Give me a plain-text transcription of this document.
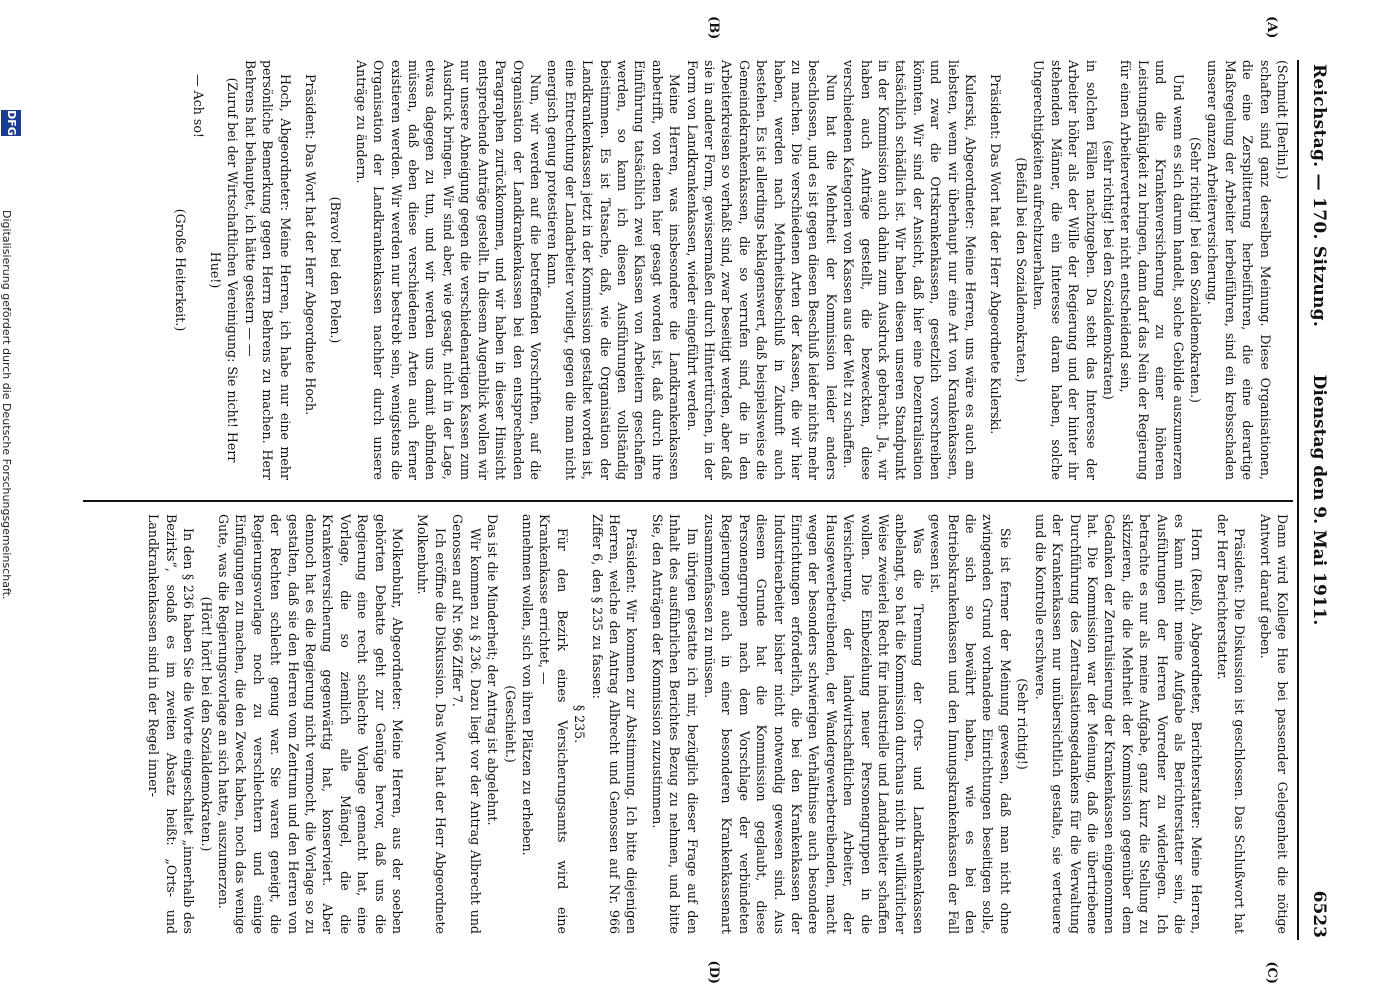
Reichstag. — 170. Sitzung.
Dienstag den 9. Mai 1911.
6523
(A)
(B)
(C)
(D)

(Schmidt [Berlin].)

schaften sind ganz derselben Meinung. Diese Organisationen, die eine Zersplitterung herbeiführen, die eine derartige Maßregelung der Arbeiter herbeiführen, sind ein krebsschaden unserer ganzen Arbeiterversicherung.

(Sehr richtig! bei den Sozialdemokraten.)

Und wenn es sich darum handelt, solche Gebilde auszumerzen und die Krankenversicherung zu einer höheren Leistungsfähigkeit zu bringen, dann darf das Nein der Regierung für einen Arbeitervertreter nicht entscheidend sein,

(sehr richtig! bei den Sozialdemokraten)

in solchen Fällen nachzugeben. Da steht das Interesse der Arbeiter höher als der Wille der Regierung und der hinter ihr stehenden Männer, die ein Interesse daran haben, solche Ungerechtigkeiten aufrechtzuerhalten.

(Beifall bei den Sozialdemokraten.)

Präsident: Das Wort hat der Herr Abgeordnete Kulerski.

Kulerski, Abgeordneter: Meine Herren, uns wäre es auch am liebsten, wenn wir überhaupt nur eine Art von Krankenkassen, und zwar die Ortskrankenkassen, gesetzlich vorschreiben könnten. Wir sind der Ansicht, daß hier eine Dezentralisation tatsächlich schädlich ist. Wir haben diesen unseren Standpunkt in der Kommission auch dahin zum Ausdruck gebracht. Ja, wir haben auch Anträge gestellt, die bezweckten, diese verschiedenen Kategorien von Kassen aus der Welt zu schaffen.

Nun hat die Mehrheit der Kommission leider anders beschlossen, und es ist gegen diesen Beschluß leider nichts mehr zu machen. Die verschiedenen Arten der Kassen, die wir hier haben, werden nach Mehrheitsbeschluß in Zukunft auch bestehen. Es ist allerdings beklagenswert, daß beispielsweise die Gemeindekrankenkassen, die so verrufen sind, die in den Arbeiterkreisen so verhaßt sind, zwar beseitigt werden, aber daß sie in anderer Form, gewissermaßen durch Hintertürchen, in der Form von Landkrankenkassen, wieder eingeführt werden.

Meine Herren, was insbesondere die Landkrankenkassen anbetrifft, von denen hier gesagt worden ist, daß durch ihre Einführung tatsächlich zwei Klassen von Arbeitern geschaffen werden, so kann ich diesen Ausführungen vollständig beistimmen. Es ist Tatsache, daß, wie die Organisation der Landkrankenkassen jetzt in der Kommission gestaltet worden ist, eine Entrechtung der Landarbeiter vorliegt, gegen die man nicht energisch genug protestieren kann.

Nun, wir werden auf die betreffenden Vorschriften, auf die Organisation der Landkrankenkassen bei den entsprechenden Paragraphen zurückkommen, und wir haben in dieser Hinsicht entsprechende Anträge gestellt. In diesem Augenblick wollen wir nur unsere Abneigung gegen die verschiedenartigen Kassen zum Ausdruck bringen. Wir sind aber, wie gesagt, nicht in der Lage, etwas dagegen zu tun, und wir werden uns damit abfinden müssen, daß eben diese verschiedenen Arten auch ferner existieren werden. Wir werden nur bestrebt sein, wenigstens die Organisation der Landkrankenkassen nachher durch unsere Anträge zu ändern.

(Bravo! bei den Polen.)

Präsident: Das Wort hat der Herr Abgeordnete Hoch.

Hoch, Abgeordneter: Meine Herren, ich habe nur eine mehr persönliche Bemerkung gegen Herrn Behrens zu machen. Herr Behrens hat behauptet, ich hätte gestern — —

(Zuruf bei der Wirtschaftlichen Vereinigung: Sie nicht! Herr Hue!)

— Ach so!

(Große Heiterkeit.)

Dann wird Kollege Hue bei passender Gelegenheit die nötige Antwort darauf geben.

Präsident: Die Diskussion ist geschlossen. Das Schlußwort hat der Herr Berichterstatter.

Horn (Reuß), Abgeordneter, Berichterstatter: Meine Herren, es kann nicht meine Aufgabe als Berichterstatter sein, die Ausführungen der Herren Vorredner zu widerlegen. Ich betrachte es nur als meine Aufgabe, ganz kurz die Stellung zu skizzieren, die die Mehrheit der Kommission gegenüber dem Gedanken der Zentralisierung der Krankenkassen eingenommen hat. Die Kommission war der Meinung, daß die übertriebene Durchführung des Zentralisationsgedankens für die Verwaltung der Krankenkassen nur unübersichtlich gestalte, sie verteuere und die Kontrolle erschwere.

(Sehr richtig!)

Sie ist ferner der Meinung gewesen, daß man nicht ohne zwingenden Grund vorhandene Einrichtungen beseitigen solle, die sich so bewährt haben, wie es bei den Betriebskrankenkassen und den Innungskrankenkassen der Fall gewesen ist.

Was die Trennung der Orts- und Landkrankenkassen anbelangt, so hat die Kommission durchaus nicht in willkürlicher Weise zweierlei Recht für industrielle und Landarbeiter schaffen wollen. Die Einbeziehung neuer Personengruppen in die Versicherung, der landwirtschaftlichen Arbeiter, der Hausgewerbetreibenden, der Wandergewerbetreibenden, macht wegen der besonders schwierigen Verhältnisse auch besondere Einrichtungen erforderlich, die bei den Krankenkassen der Industriearbeiter bisher nicht notwendig gewesen sind. Aus diesem Grunde hat die Kommission geglaubt, diese Personengruppen nach dem Vorschlage der verbündeten Regierungen auch in einer besonderen Krankenkassenart zusammenfassen zu müssen.

Im übrigen gestatte ich mir, bezüglich dieser Frage auf den Inhalt des ausführlichen Berichtes Bezug zu nehmen, und bitte Sie, den Anträgen der Kommission zuzustimmen.

Präsident: Wir kommen zur Abstimmung. Ich bitte diejenigen Herren, welche den Antrag Albrecht und Genossen auf Nr. 966 Ziffer 6, den § 235 zu fassen:

§ 235.

Für den Bezirk eines Versicherungsamts wird eine Krankenkasse errichtet, —

annehmen wollen, sich von ihren Plätzen zu erheben.

(Geschieht.)

Das ist die Minderheit; der Antrag ist abgelehnt.

Wir kommen zu § 236. Dazu liegt vor der Antrag Albrecht und Genossen auf Nr. 966 Ziffer 7.

Ich eröffne die Diskussion. Das Wort hat der Herr Abgeordnete Molkenbuhr.

Molkenbuhr, Abgeordneter: Meine Herren, aus der soeben gehörten Debatte geht zur Genüge hervor, daß uns die Regierung eine recht schlechte Vorlage gemacht hat, eine Vorlage, die so ziemlich alle Mängel, die die Krankenversicherung gegenwärtig hat, konserviert. Aber dennoch hat es die Regierung nicht vermocht, die Vorlage so zu gestalten, daß sie den Herren vom Zentrum und den Herren von der Rechten schlecht genug war. Sie waren geneigt, die Regierungsvorlage noch zu verschlechtern und einige Einfügungen zu machen, die den Zweck haben, noch das wenige Gute, was die Regierungsvorlage an sich hatte, auszumerzen.

(Hört! hört! bei den Sozialdemokraten.)

In den § 236 haben Sie die Worte eingeschaltet „innerhalb des Bezirks“, sodaß es im zweiten Absatz heißt: „Orts- und Landkrankenkassen sind in der Regel inner-

DFG
Digitalisierung gefördert durch die Deutsche Forschungsgemeinschaft.
